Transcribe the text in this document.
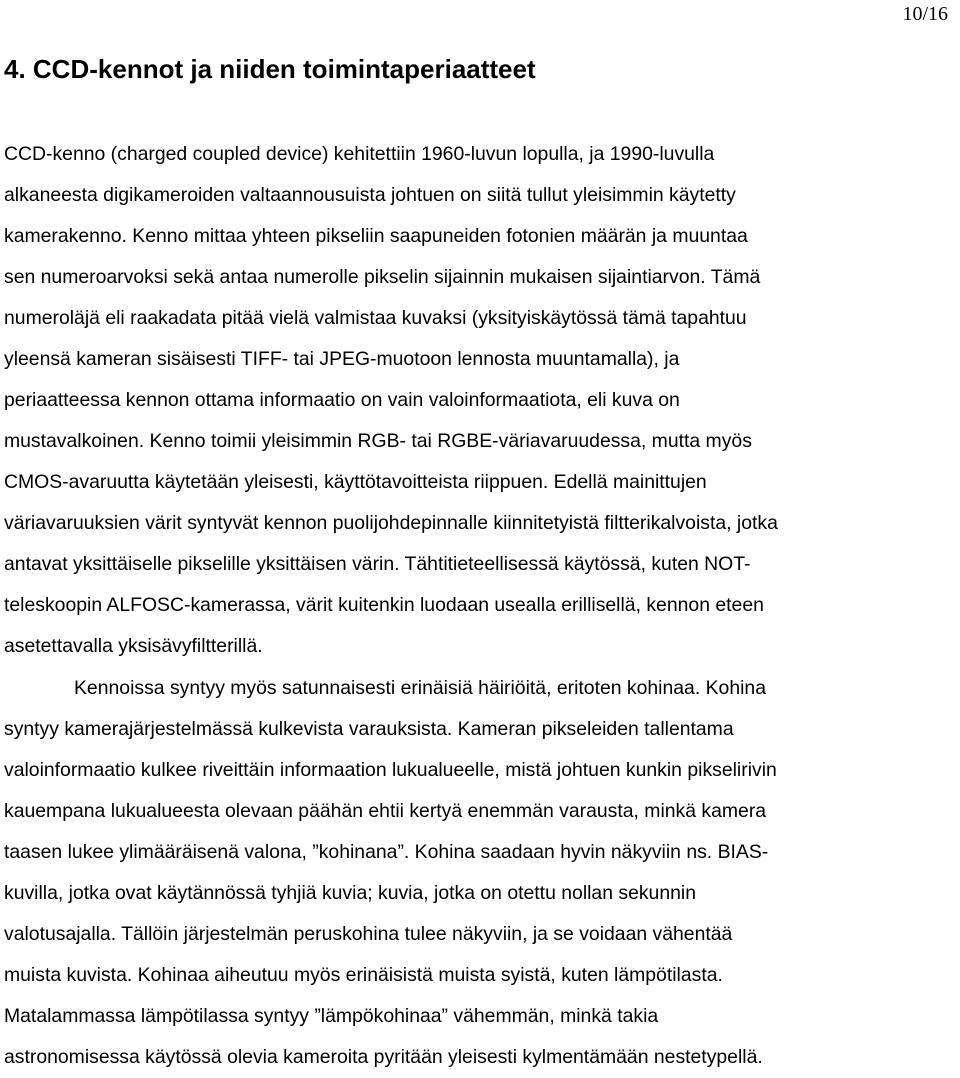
10/16
4. CCD-kennot ja niiden toimintaperiaatteet
CCD-kenno (charged coupled device) kehitettiin 1960-luvun lopulla, ja 1990-luvulla
alkaneesta digikameroiden valtaannousuista johtuen on siitä tullut yleisimmin käytetty
kamerakenno. Kenno mittaa yhteen pikseliin saapuneiden fotonien määrän ja muuntaa
sen numeroarvoksi sekä antaa numerolle pikselin sijainnin mukaisen sijaintiarvon. Tämä
numeroläjä eli raakadata pitää vielä valmistaa kuvaksi (yksityiskäytössä tämä tapahtuu
yleensä kameran sisäisesti TIFF- tai JPEG-muotoon lennosta muuntamalla), ja
periaatteessa kennon ottama informaatio on vain valoinformaatiota, eli kuva on
mustavalkoinen. Kenno toimii yleisimmin RGB- tai RGBE-väriavaruudessa, mutta myös
CMOS-avaruutta käytetään yleisesti, käyttötavoitteista riippuen. Edellä mainittujen
väriavaruuksien värit syntyvät kennon puolijohdepinnalle kiinnitetyistä filtterikalvoista, jotka
antavat yksittäiselle pikselille yksittäisen värin. Tähtitieteellisessä käytössä, kuten NOT-
teleskoopin ALFOSC-kamerassa, värit kuitenkin luodaan usealla erillisellä, kennon eteen
asetettavalla yksisävyfiltterillä.
Kennoissa syntyy myös satunnaisesti erinäisiä häiriöitä, eritoten kohinaa. Kohina
syntyy kamerajärjestelmässä kulkevista varauksista. Kameran pikseleiden tallentama
valoinformaatio kulkee riveittäin informaation lukualueelle, mistä johtuen kunkin pikselirivin
kauempana lukualueesta olevaan päähän ehtii kertyä enemmän varausta, minkä kamera
taasen lukee ylimääräisenä valona, ”kohinana”. Kohina saadaan hyvin näkyviin ns. BIAS-
kuvilla, jotka ovat käytännössä tyhjiä kuvia; kuvia, jotka on otettu nollan sekunnin
valotusajalla. Tällöin järjestelmän peruskohina tulee näkyviin, ja se voidaan vähentää
muista kuvista. Kohinaa aiheutuu myös erinäisistä muista syistä, kuten lämpötilasta.
Matalammassa lämpötilassa syntyy ”lämpökohinaa” vähemmän, minkä takia
astronomisessa käytössä olevia kameroita pyritään yleisesti kylmentämään nestetypellä.
